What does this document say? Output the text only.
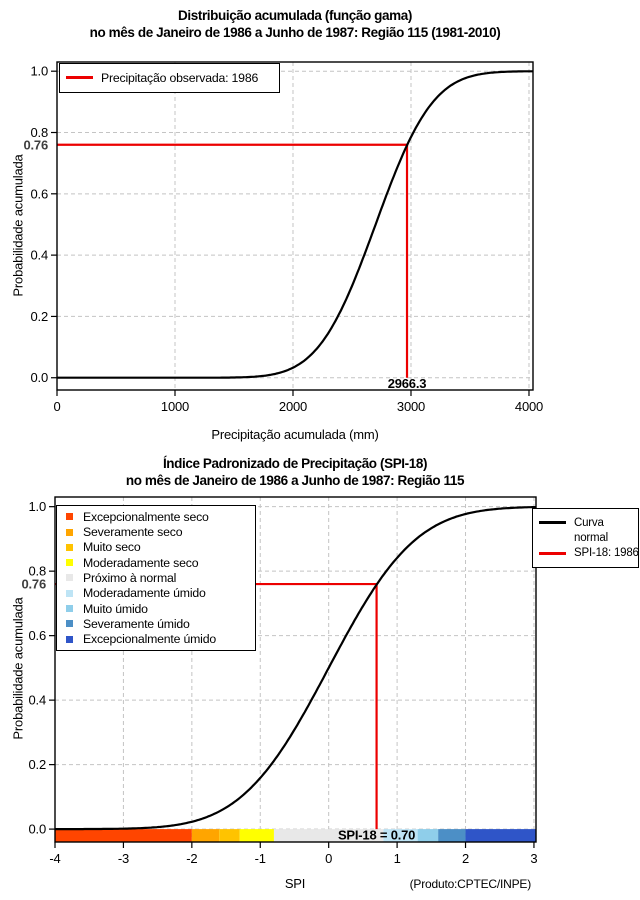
0	1000	2000	3000	4000
0.0
0.2
0.4
0.6
0.8
1.0
0.76
2966.3
-4	-3	-2	-1	0	1	2	3
0.0
0.2
0.4
0.6
0.8
1.0
0.76
SPI-18 = 0.70
Distribuição acumulada (função gama)
no mês de Janeiro de 1986 a Junho de 1987: Região 115 (1981-2010)
Probabilidade acumulada
Precipitação acumulada (mm)
Precipitação observada: 1986
Índice Padronizado de Precipitação (SPI-18)
no mês de Janeiro de 1986 a Junho de 1987: Região 115
Probabilidade acumulada
SPI	(Produto:CPTEC/INPE)
Excepcionalmente seco
Severamente seco
Muito seco
Moderadamente seco
Próximo à normal
Moderadamente úmido
Muito úmido
Severamente úmido
Excepcionalmente úmido
Curva
normal
SPI-18: 1986
